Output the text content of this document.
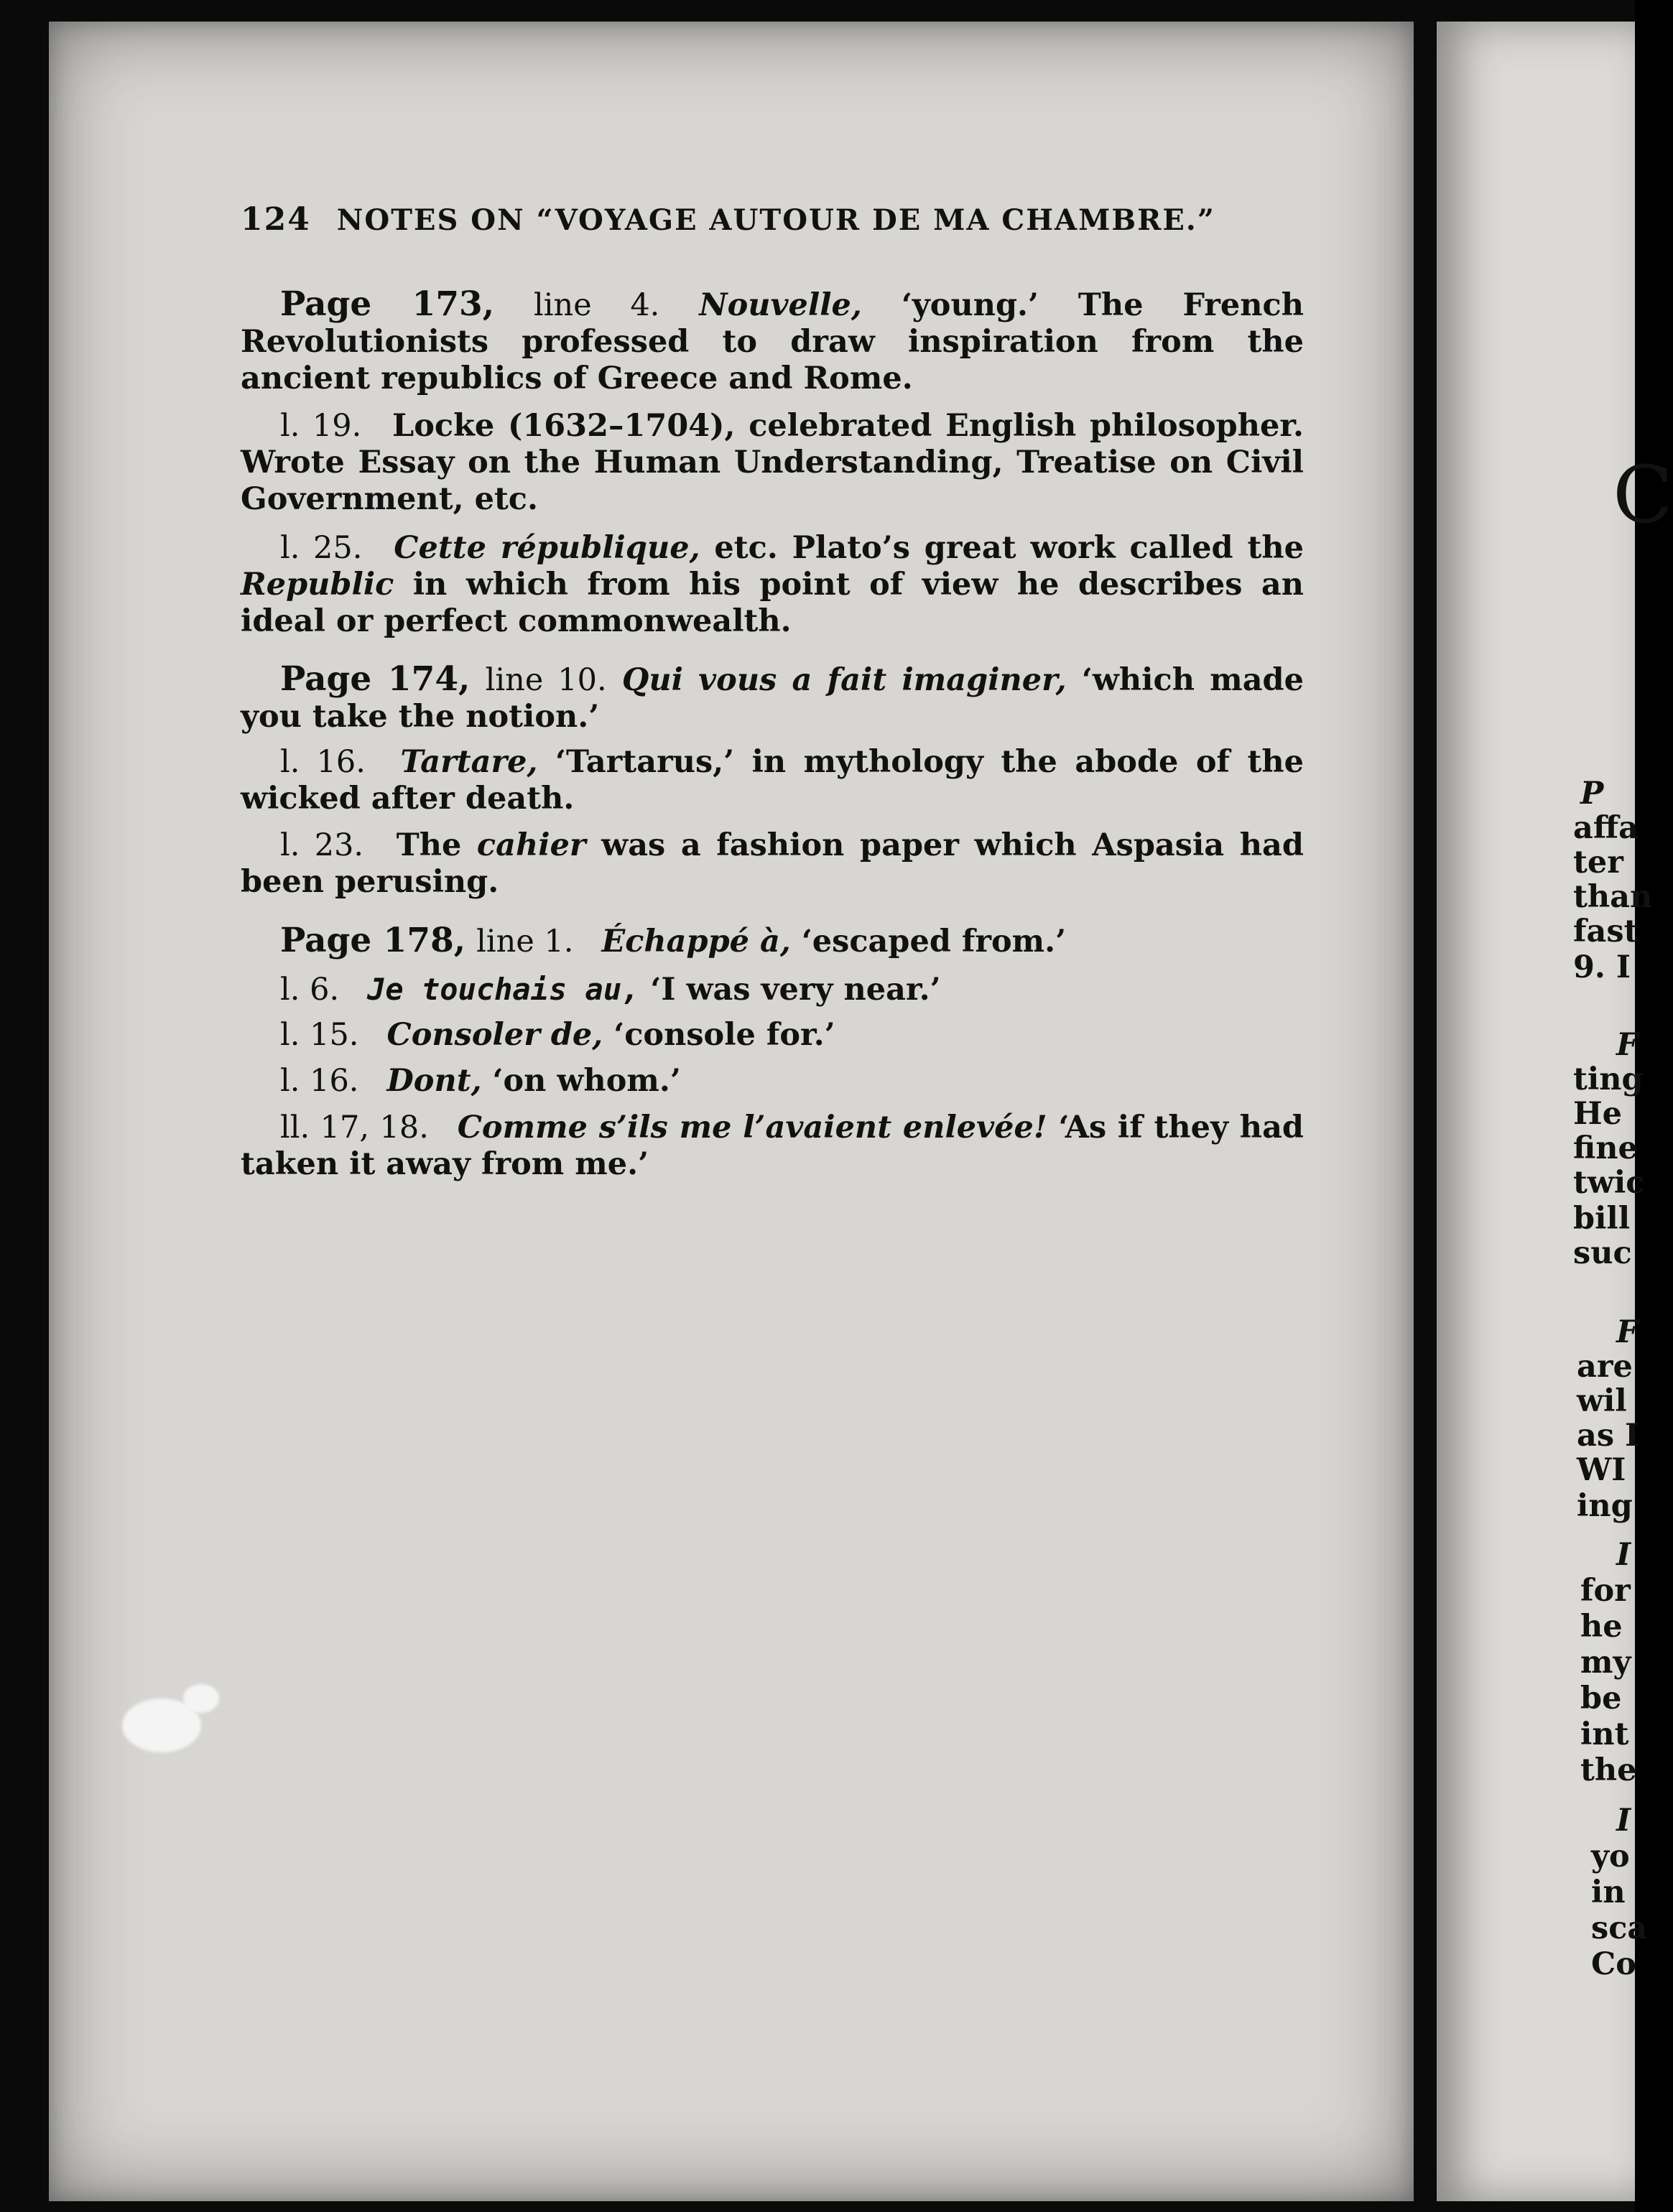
124 NOTES ON “VOYAGE AUTOUR DE MA CHAMBRE.”
Page 173, line 4. Nouvelle, ‘young.’ The French Revolutionists professed to draw inspiration from the ancient republics of Greece and Rome.
l. 19. Locke (1632–1704), celebrated English philosopher. Wrote Essay on the Human Understanding, Treatise on Civil Government, etc.
l. 25. Cette république, etc. Plato’s great work called the Republic in which from his point of view he describes an ideal or perfect commonwealth.
Page 174, line 10. Qui vous a fait imaginer, ‘which made you take the notion.’
l. 16. Tartare, ‘Tartarus,’ in mythology the abode of the wicked after death.
l. 23. The cahier was a fashion paper which Aspasia had been perusing.
Page 178, line 1. Échappé à, ‘escaped from.’
l. 6. Je touchais au, ‘I was very near.’
l. 15. Consoler de, ‘console for.’
l. 16. Dont, ‘on whom.’
ll. 17, 18. Comme s’ils me l’avaient enlevée! ‘As if they had taken it away from me.’
C
P
affa
ter
than
fast
9. I
F
ting
He
fine
twic
bill
suc
F
are
wil
as I
WI
ing
I
for
he
my
be
int
the
I
yo
in
sca
Co
